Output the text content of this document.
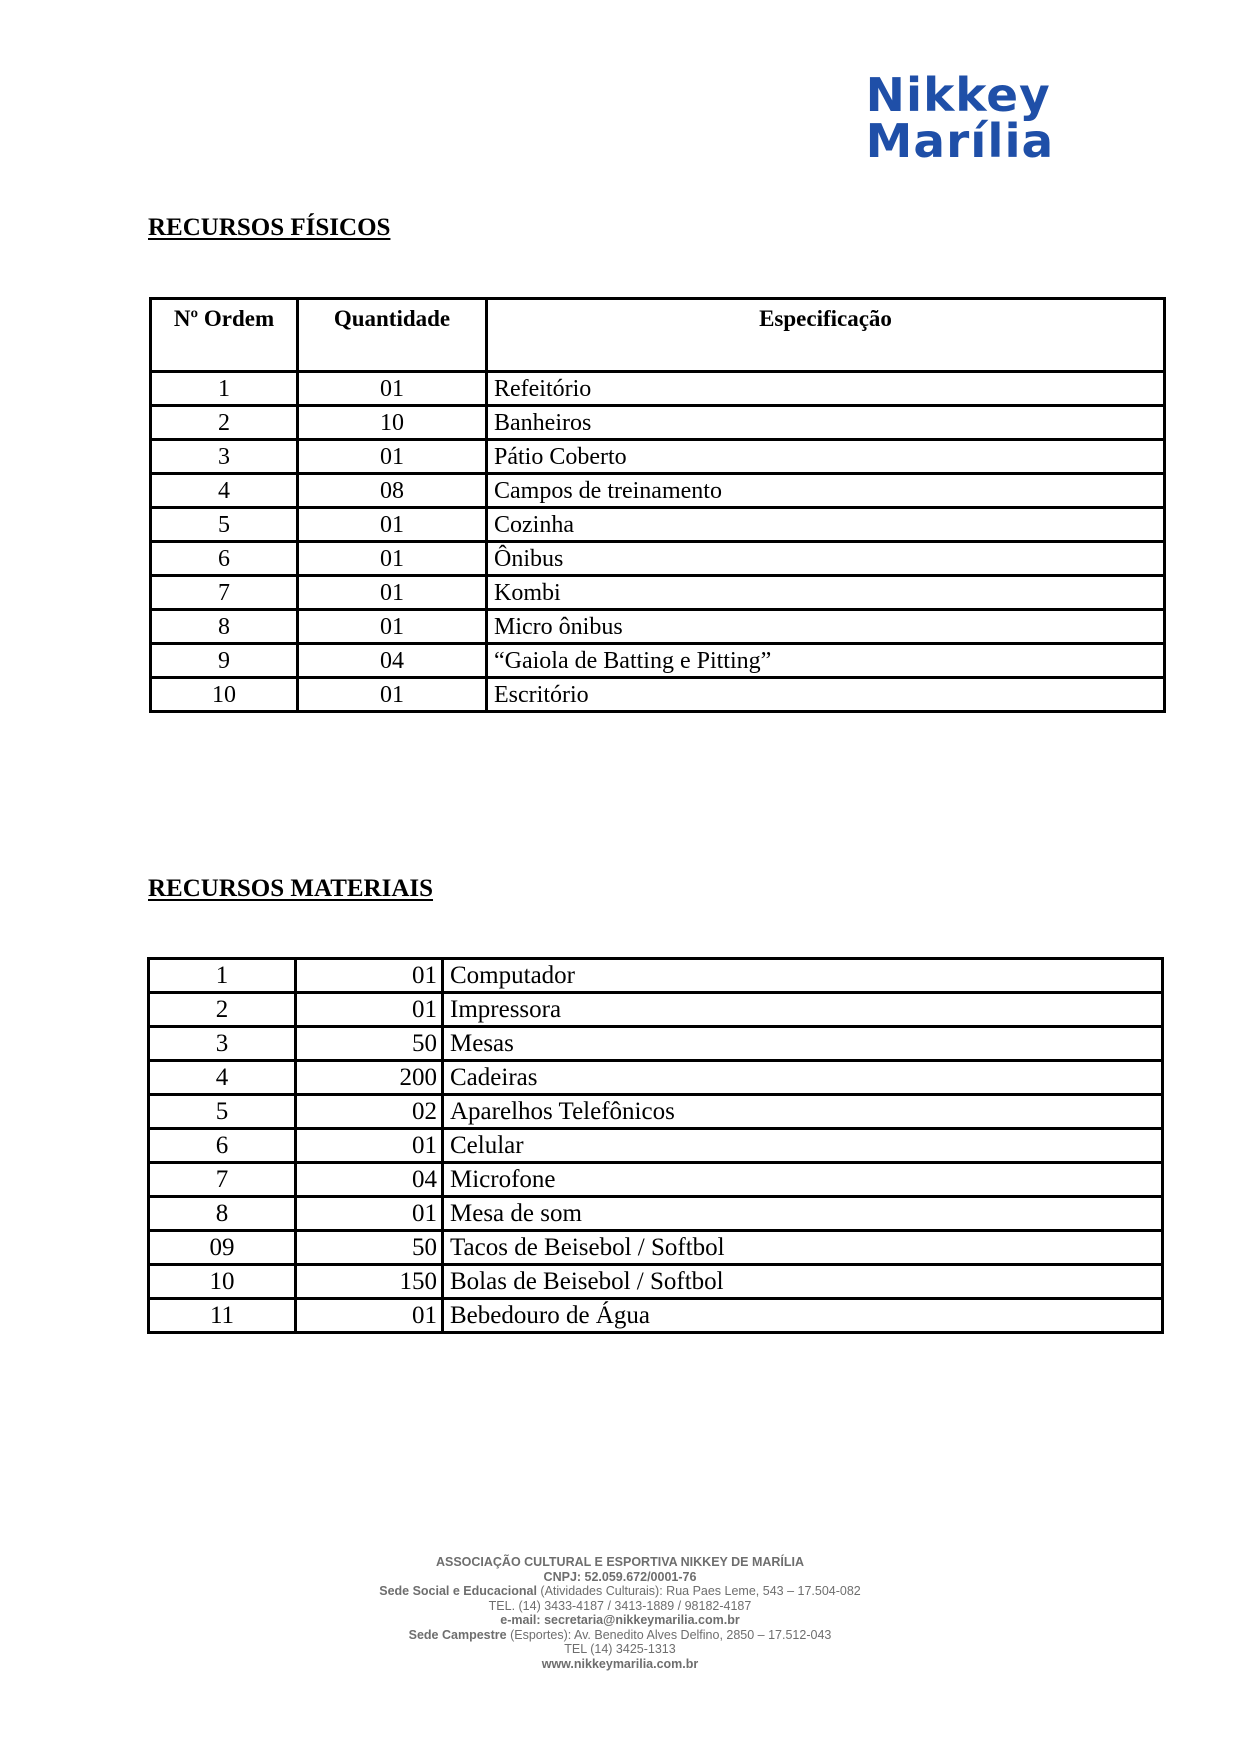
Nikkey
Marília
RECURSOS FÍSICOS
Nº Ordem	Quantidade	Especificação
1	01	Refeitório
2	10	Banheiros
3	01	Pátio Coberto
4	08	Campos de treinamento
5	01	Cozinha
6	01	Ônibus
7	01	Kombi
8	01	Micro ônibus
9	04	“Gaiola de Batting e Pitting”
10	01	Escritório
RECURSOS MATERIAIS
1	01	Computador
2	01	Impressora
3	50	Mesas
4	200	Cadeiras
5	02	Aparelhos Telefônicos
6	01	Celular
7	04	Microfone
8	01	Mesa de som
09	50	Tacos de Beisebol / Softbol
10	150	Bolas de Beisebol / Softbol
11	01	Bebedouro de Água
ASSOCIAÇÃO CULTURAL E ESPORTIVA NIKKEY DE MARÍLIA
CNPJ: 52.059.672/0001-76
Sede Social e Educacional (Atividades Culturais): Rua Paes Leme, 543 – 17.504-082
TEL. (14) 3433-4187 / 3413-1889 / 98182-4187
e-mail: secretaria@nikkeymarilia.com.br
Sede Campestre (Esportes): Av. Benedito Alves Delfino, 2850 – 17.512-043
TEL (14) 3425-1313
www.nikkeymarilia.com.br
